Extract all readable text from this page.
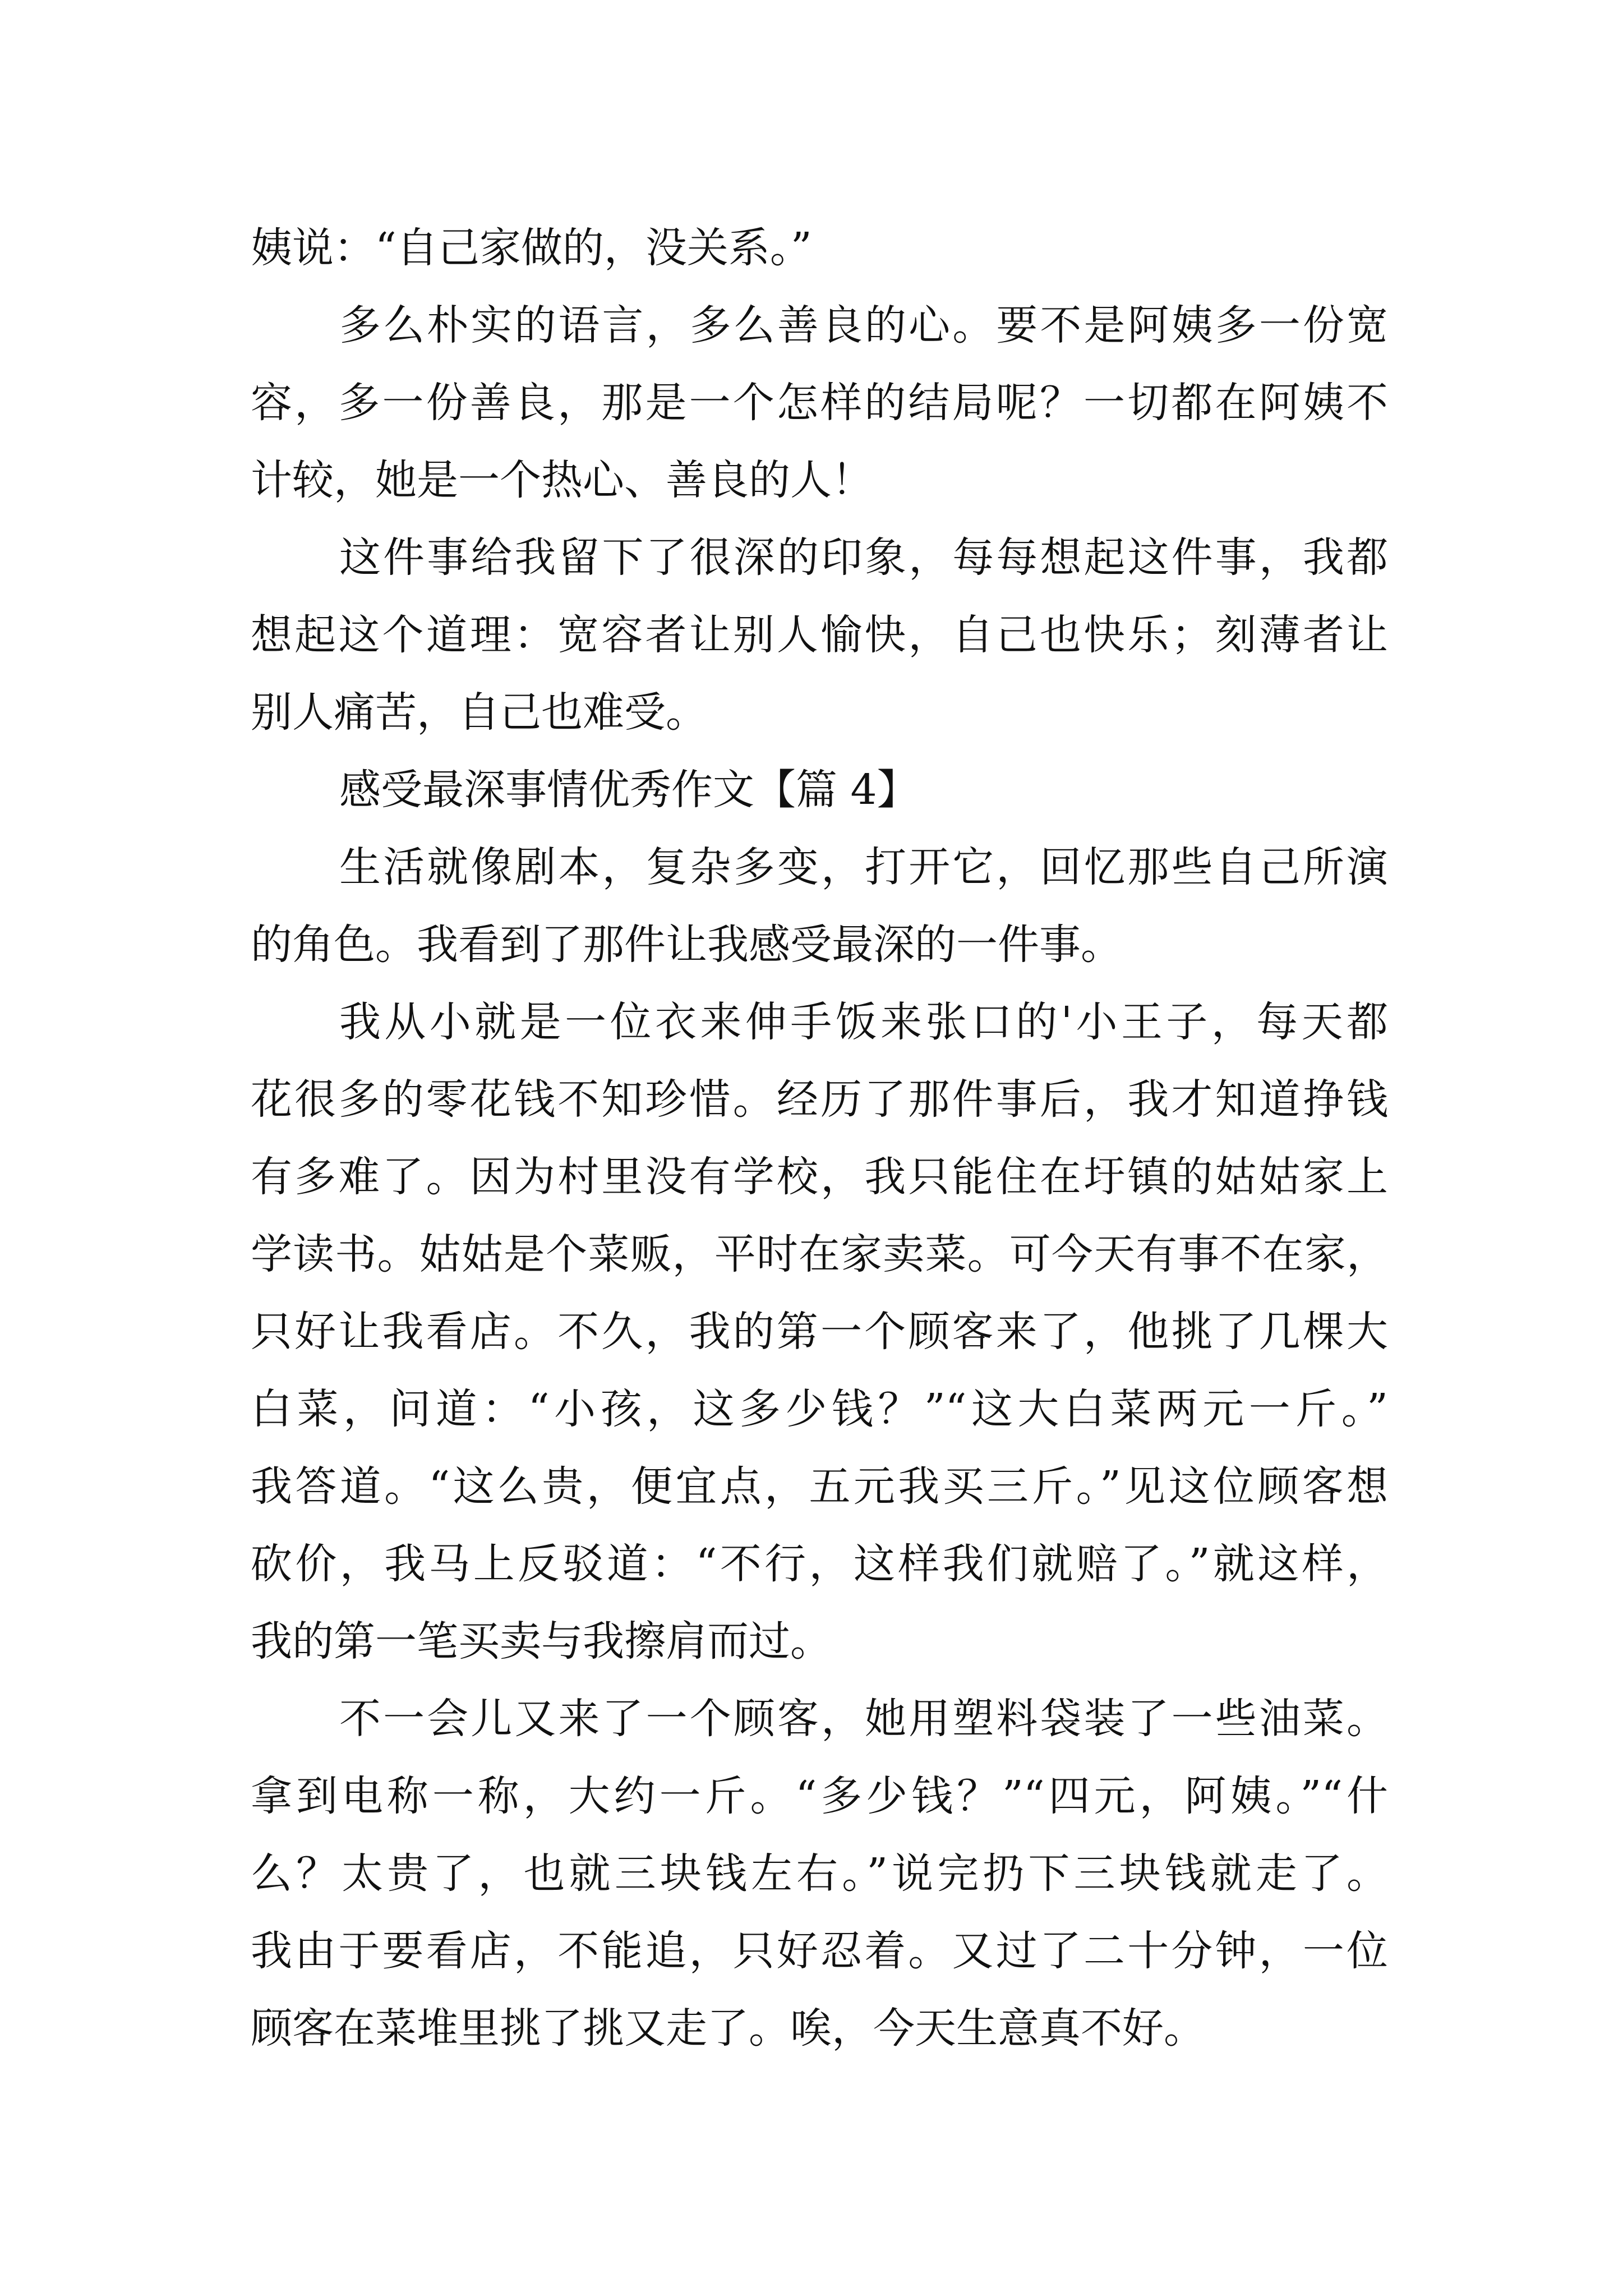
姨说：“自己家做的，没关系。”

多么朴实的语言，多么善良的心。要不是阿姨多一份宽
容，多一份善良，那是一个怎样的结局呢？一切都在阿姨不
计较，她是一个热心、善良的人！

这件事给我留下了很深的印象，每每想起这件事，我都
想起这个道理：宽容者让别人愉快，自己也快乐；刻薄者让
别人痛苦，自己也难受。

感受最深事情优秀作文【篇 4】

生活就像剧本，复杂多变，打开它，回忆那些自己所演
的角色。我看到了那件让我感受最深的一件事。

我从小就是一位衣来伸手饭来张口的'小王子，每天都
花很多的零花钱不知珍惜。经历了那件事后，我才知道挣钱
有多难了。因为村里没有学校，我只能住在圩镇的姑姑家上
学读书。姑姑是个菜贩，平时在家卖菜。可今天有事不在家，
只好让我看店。不久，我的第一个顾客来了，他挑了几棵大
白菜，问道：“小孩，这多少钱？”“这大白菜两元一斤。”
我答道。“这么贵，便宜点，五元我买三斤。”见这位顾客想
砍价，我马上反驳道：“不行，这样我们就赔了。”就这样，
我的第一笔买卖与我擦肩而过。

不一会儿又来了一个顾客，她用塑料袋装了一些油菜。
拿到电称一称，大约一斤。“多少钱？”“四元，阿姨。”“什
么？太贵了，也就三块钱左右。”说完扔下三块钱就走了。
我由于要看店，不能追，只好忍着。又过了二十分钟，一位
顾客在菜堆里挑了挑又走了。唉，今天生意真不好。
